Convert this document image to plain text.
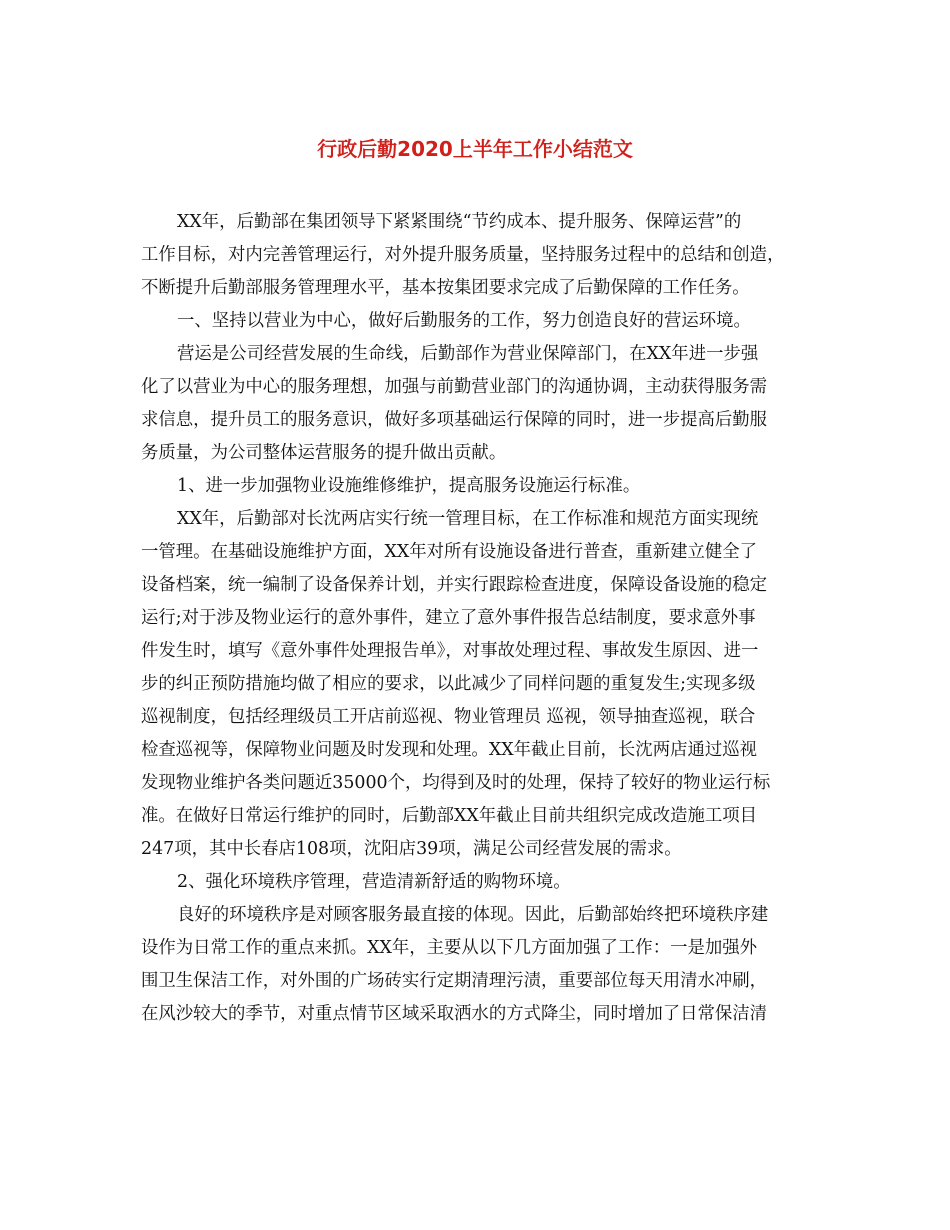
行政后勤2020上半年工作小结范文
XX年，后勤部在集团领导下紧紧围绕“节约成本、提升服务、保障运营”的
工作目标，对内完善管理运行，对外提升服务质量，坚持服务过程中的总结和创造，
不断提升后勤部服务管理理水平，基本按集团要求完成了后勤保障的工作任务。
一、坚持以营业为中心，做好后勤服务的工作，努力创造良好的营运环境。
营运是公司经营发展的生命线，后勤部作为营业保障部门，在XX年进一步强
化了以营业为中心的服务理想，加强与前勤营业部门的沟通协调，主动获得服务需
求信息，提升员工的服务意识，做好多项基础运行保障的同时，进一步提高后勤服
务质量，为公司整体运营服务的提升做出贡献。
1、进一步加强物业设施维修维护，提高服务设施运行标准。
XX年，后勤部对长沈两店实行统一管理目标，在工作标准和规范方面实现统
一管理。在基础设施维护方面，XX年对所有设施设备进行普查，重新建立健全了
设备档案，统一编制了设备保养计划，并实行跟踪检查进度，保障设备设施的稳定
运行;对于涉及物业运行的意外事件，建立了意外事件报告总结制度，要求意外事
件发生时，填写《意外事件处理报告单》，对事故处理过程、事故发生原因、进一
步的纠正预防措施均做了相应的要求，以此减少了同样问题的重复发生;实现多级
巡视制度，包括经理级员工开店前巡视、物业管理员 巡视，领导抽查巡视，联合
检查巡视等，保障物业问题及时发现和处理。XX年截止目前，长沈两店通过巡视
发现物业维护各类问题近35000个，均得到及时的处理，保持了较好的物业运行标
准。在做好日常运行维护的同时，后勤部XX年截止目前共组织完成改造施工项目
247项，其中长春店108项，沈阳店39项，满足公司经营发展的需求。
2、强化环境秩序管理，营造清新舒适的购物环境。
良好的环境秩序是对顾客服务最直接的体现。因此，后勤部始终把环境秩序建
设作为日常工作的重点来抓。XX年，主要从以下几方面加强了工作：一是加强外
围卫生保洁工作，对外围的广场砖实行定期清理污渍，重要部位每天用清水冲刷，
在风沙较大的季节，对重点情节区域采取洒水的方式降尘，同时增加了日常保洁清
